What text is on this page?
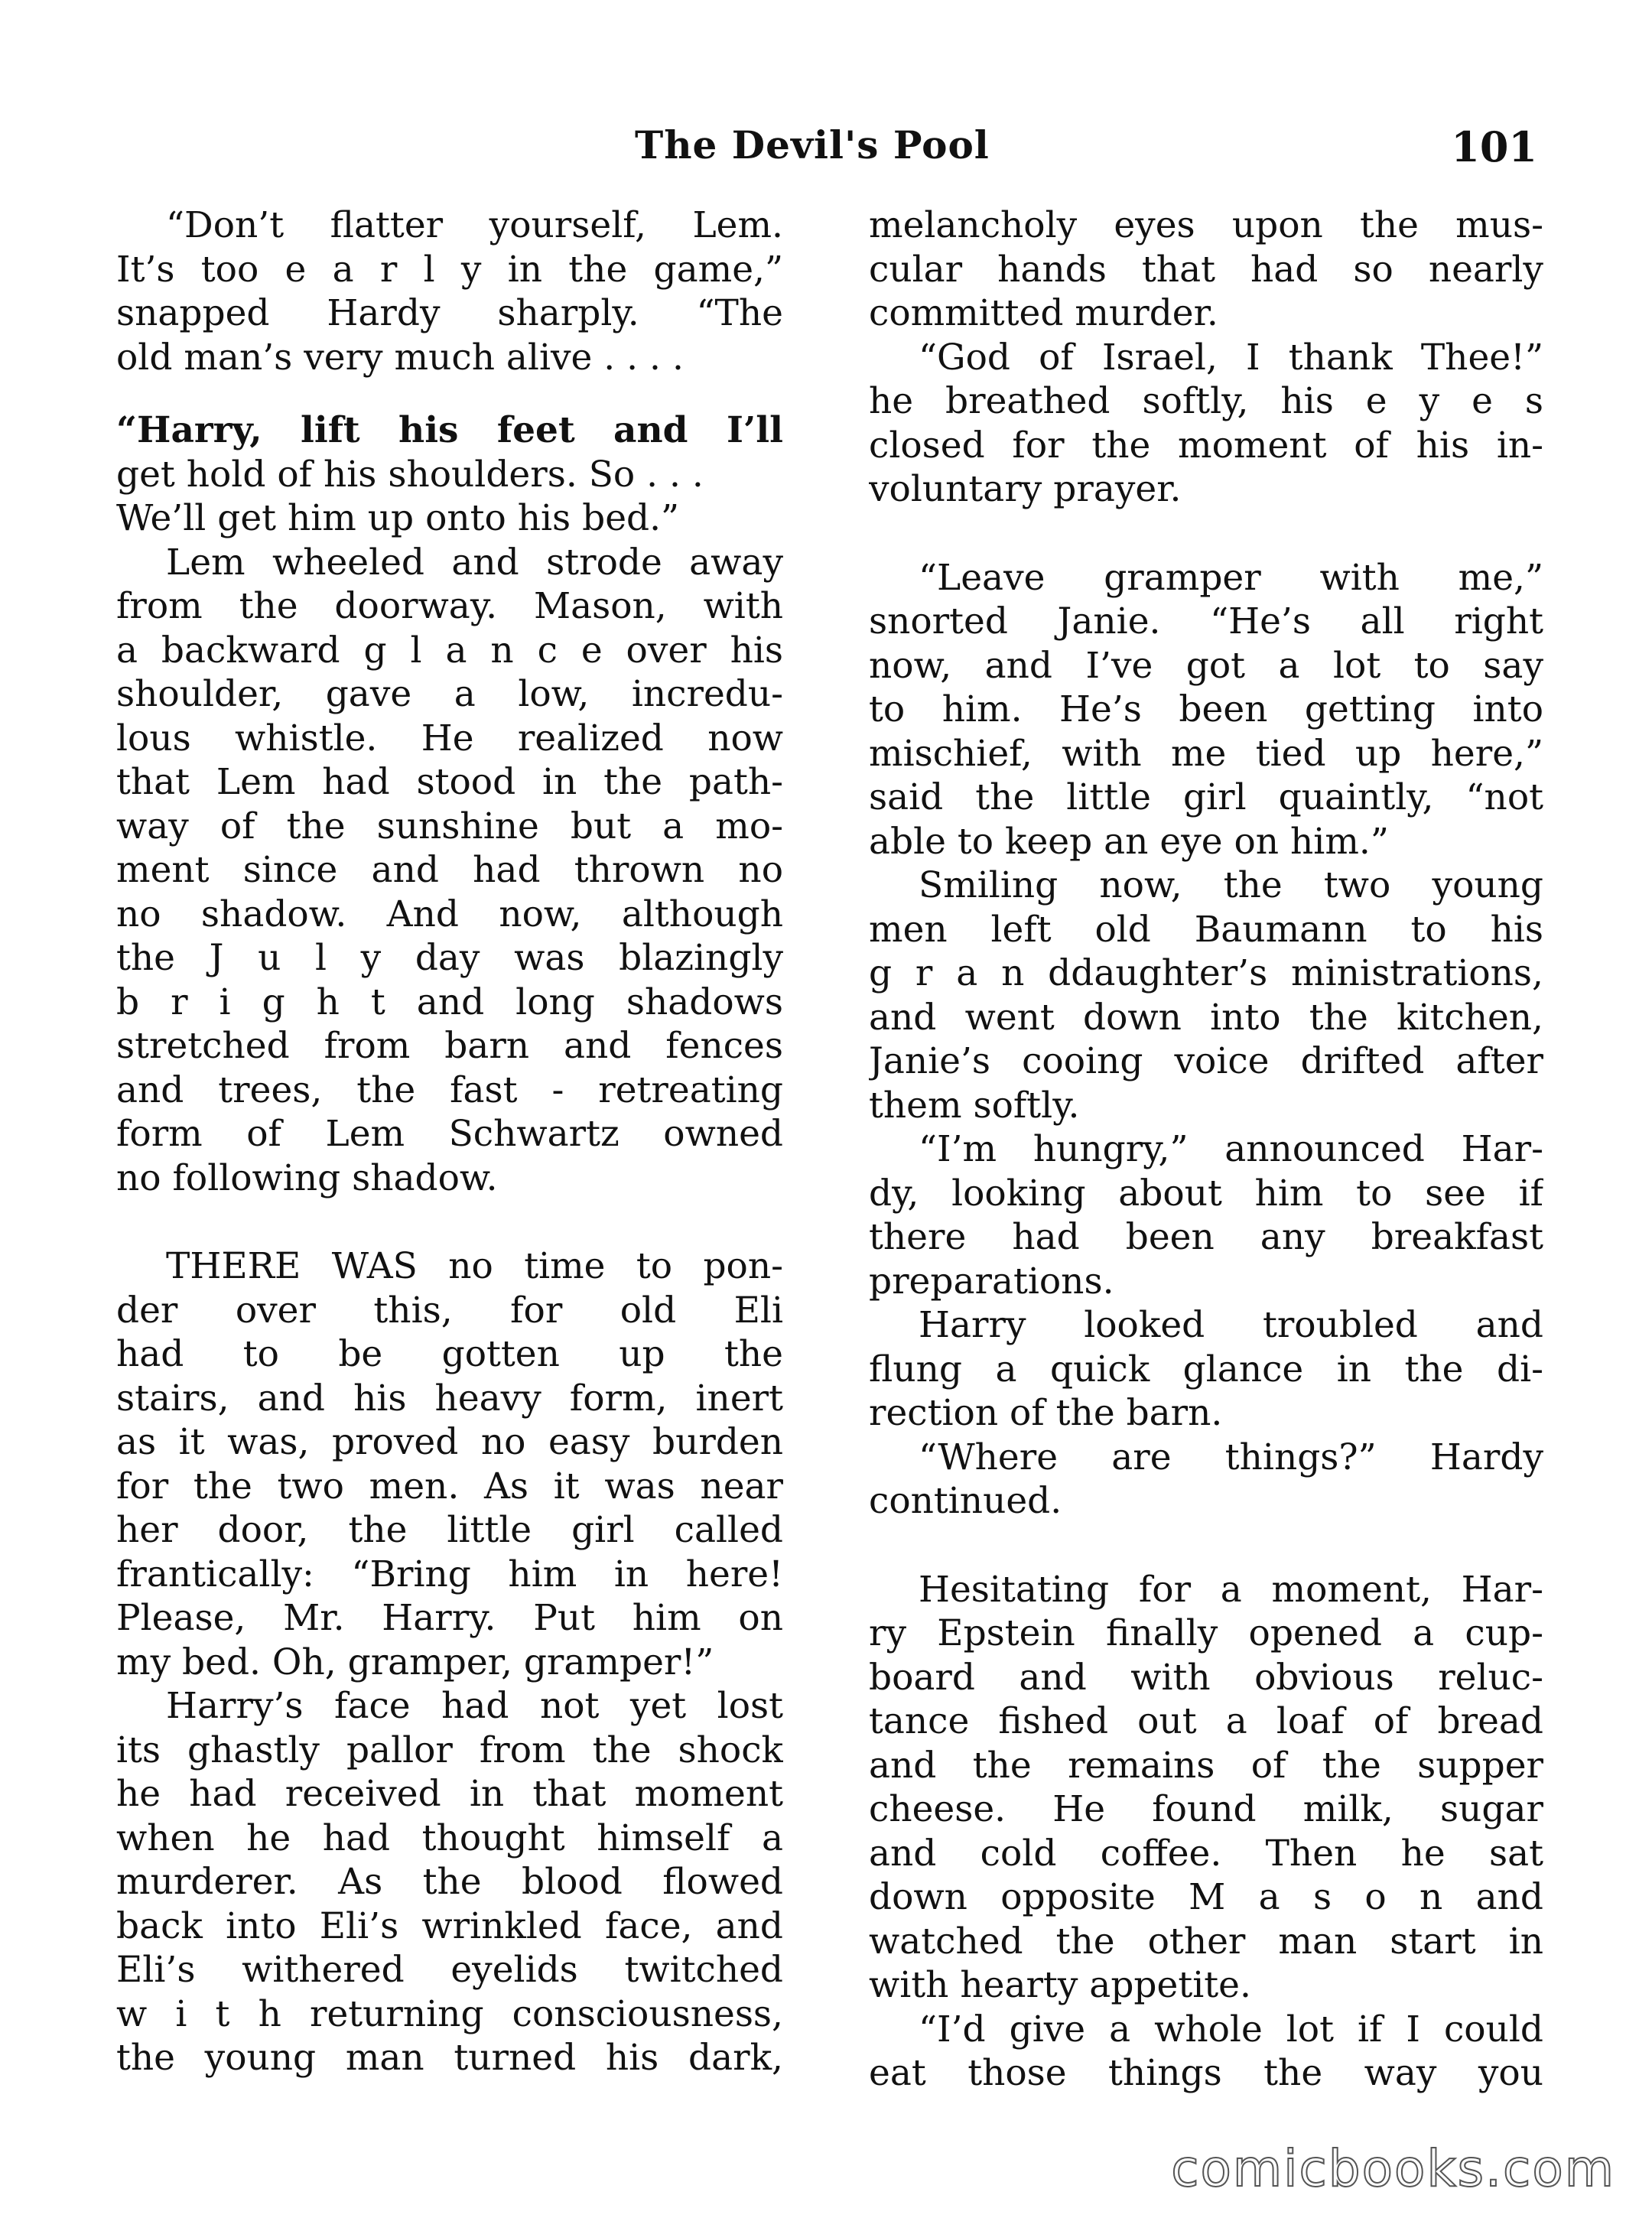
The Devil's Pool	101
“Don’t flatter yourself, Lem.
It’s too e a r l y in the game,”
snapped Hardy sharply. “The
old man’s very much alive . . . .
“Harry, lift his feet and I’ll
get hold of his shoulders. So . . .
We’ll get him up onto his bed.”
Lem wheeled and strode away
from the doorway. Mason, with
a backward g l a n c e over his
shoulder, gave a low, incredu-
lous whistle. He realized now
that Lem had stood in the path-
way of the sunshine but a mo-
ment since and had thrown no
no shadow. And now, although
the J u l y day was blazingly
b r i g h t and long shadows
stretched from barn and fences
and trees, the fast - retreating
form of Lem Schwartz owned
no following shadow.
THERE WAS no time to pon-
der over this, for old Eli
had to be gotten up the
stairs, and his heavy form, inert
as it was, proved no easy burden
for the two men. As it was near
her door, the little girl called
frantically: “Bring him in here!
Please, Mr. Harry. Put him on
my bed. Oh, gramper, gramper!”
Harry’s face had not yet lost
its ghastly pallor from the shock
he had received in that moment
when he had thought himself a
murderer. As the blood flowed
back into Eli’s wrinkled face, and
Eli’s withered eyelids twitched
w i t h returning consciousness,
the young man turned his dark,
melancholy eyes upon the mus-
cular hands that had so nearly
committed murder.
“God of Israel, I thank Thee!”
he breathed softly, his e y e s
closed for the moment of his in-
voluntary prayer.
“Leave gramper with me,”
snorted Janie. “He’s all right
now, and I’ve got a lot to say
to him. He’s been getting into
mischief, with me tied up here,”
said the little girl quaintly, “not
able to keep an eye on him.”
Smiling now, the two young
men left old Baumann to his
g r a n ddaughter’s ministrations,
and went down into the kitchen,
Janie’s cooing voice drifted after
them softly.
“I’m hungry,” announced Har-
dy, looking about him to see if
there had been any breakfast
preparations.
Harry looked troubled and
flung a quick glance in the di-
rection of the barn.
“Where are things?” Hardy
continued.
Hesitating for a moment, Har-
ry Epstein finally opened a cup-
board and with obvious reluc-
tance fished out a loaf of bread
and the remains of the supper
cheese. He found milk, sugar
and cold coffee. Then he sat
down opposite M a s o n and
watched the other man start in
with hearty appetite.
“I’d give a whole lot if I could
eat those things the way you
comicbooks.com
